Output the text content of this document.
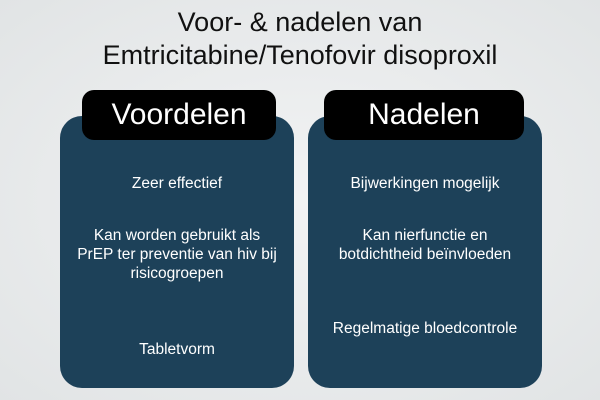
Voor- & nadelen van
Emtricitabine/Tenofovir disoproxil
Zeer effectief
Kan worden gebruikt als PrEP ter preventie van hiv bij risicogroepen
Tabletvorm
Bijwerkingen mogelijk
Kan nierfunctie en botdichtheid beïnvloeden
Regelmatige bloedcontrole
Voordelen	Nadelen
